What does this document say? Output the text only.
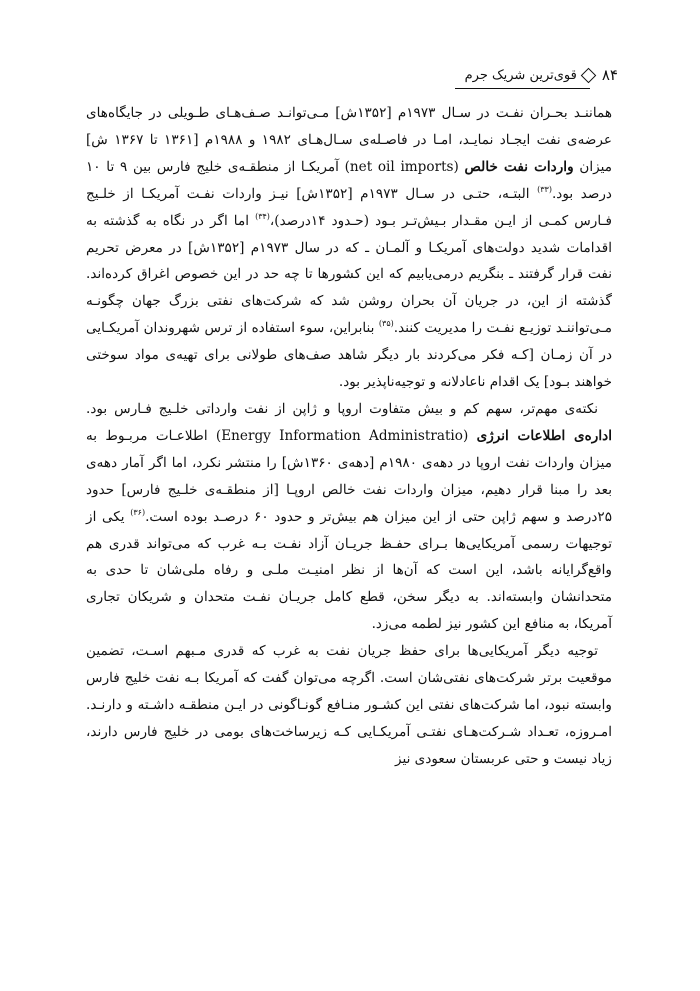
۸۴
قوی‌ترین شریک جرم

هماننـد بحـران نفـت در سـال ۱۹۷۳م [۱۳۵۲ش] مـی‌توانـد صـف‌هـای طـویلی در جایگاه‌های عرضه‌ی نفت ایجـاد نمایـد، امـا در فاصـله‌ی سـال‌هـای ۱۹۸۲ و ۱۹۸۸م [۱۳۶۱ تا ۱۳۶۷ ش] میزان واردات نفت خالص (net oil imports) آمریکـا از منطقـه‌ی خلیج فارس بین ۹ تا ۱۰ درصد بود.$^{(۳۳)}$ البتـه، حتـی در سـال ۱۹۷۳م [۱۳۵۲ش] نیـز واردات نفـت آمریکـا از خلـیج فـارس کمـی از ایـن مقـدار بـیش‌تـر بـود (حـدود ۱۴درصد)،$^{(۳۴)}$ اما اگر در نگاه به گذشته به اقدامات شدید دولت‌های آمریکـا و آلمـان ـ که در سال ۱۹۷۳م [۱۳۵۲ش] در معرض تحریم نفت قرار گرفتند ـ بنگریم درمی‌یابیم که این کشورها تا چه حد در این خصوص اغراق کرده‌اند. گذشته از این، در جریان آن بحران روشن شد که شرکت‌های نفتی بزرگ جهان چگونـه مـی‌تواننـد توزیـع نفـت را مدیریت کنند.$^{(۳۵)}$ بنابراین، سوء استفاده از ترس شهروندان آمریکـایی در آن زمـان [کـه فکر می‌کردند بار دیگر شاهد صف‌های طولانی برای تهیه‌ی مواد سوختی خواهند بـود] یک اقدام ناعادلانه و توجیه‌ناپذیر بود.

نکته‌ی مهم‌تر، سهم کم و بیش متفاوت اروپا و ژاپن از نفت وارداتی خلـیج فـارس بود. اداره‌ی اطلاعات انرژی (Energy Information Administratio) اطلاعـات مربـوط به میزان واردات نفت اروپا در دهه‌ی ۱۹۸۰م [دهه‌ی ۱۳۶۰ش] را منتشر نکرد، اما اگر آمار دهه‌ی بعد را مبنا قرار دهیم، میزان واردات نفت خالص اروپـا [از منطقـه‌ی خلـیج فارس] حدود ۲۵درصد و سهم ژاپن حتی از این میزان هم بیش‌تر و حدود ۶۰ درصـد بوده است.$^{(۳۶)}$ یکی از توجیهات رسمی آمریکایی‌ها بـرای حفـظ جریـان آزاد نفـت بـه غرب که می‌تواند قدری هم واقع‌گرایانه باشد، این است که آن‌ها از نظر امنیـت ملـی و رفاه ملی‌شان تا حدی به متحدانشان وابسته‌اند. به دیگر سخن، قطع کامل جریـان نفـت متحدان و شریکان تجاری آمریکا، به منافع این کشور نیز لطمه می‌زد.

توجیه دیگر آمریکایی‌ها برای حفظ جریان نفت به غرب که قدری مـبهم اسـت، تضمین موقعیت برتر شرکت‌های نفتی‌شان است. اگرچه می‌توان گفت که آمریکا بـه نفت خلیج فارس وابسته نبود، اما شرکت‌های نفتی این کشـور منـافع گونـاگونی در ایـن منطقـه داشـته و دارنـد. امـروزه، تعـداد شـرکت‌هـای نفتـی آمریکـایی کـه زیرساخت‌های بومی در خلیج فارس دارند، زیاد نیست و حتی عربستان سعودی نیز
